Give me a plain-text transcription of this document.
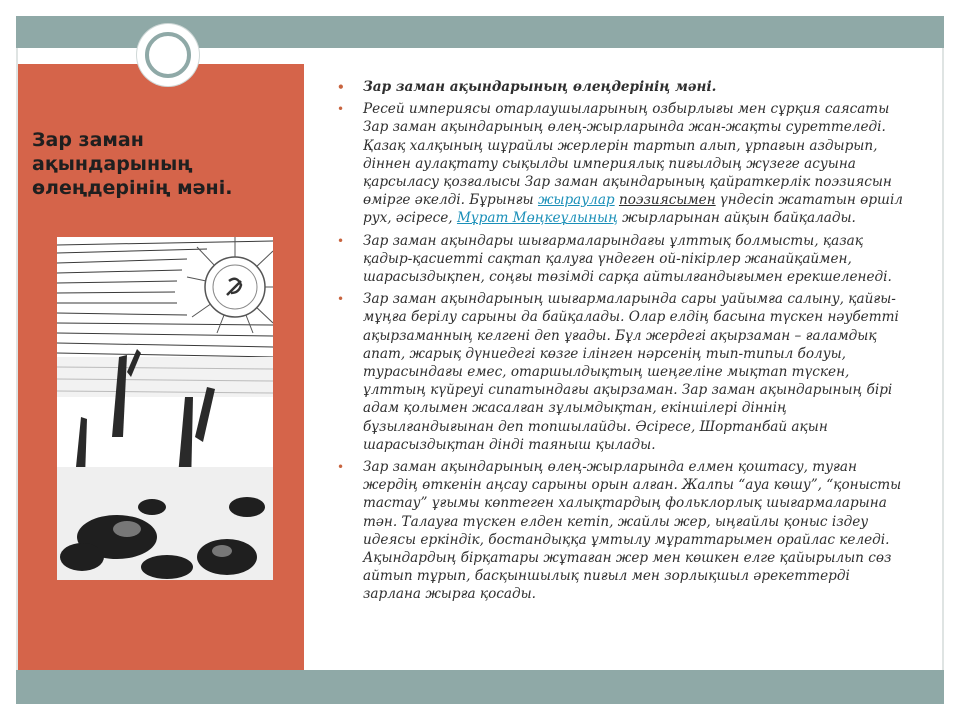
Зар заман ақындарының өлеңдерінің мәні.
• Зар заман ақындарының өлеңдерінің мәні.
• Ресей империясы отарлаушыларының озбырлығы мен сұрқия саясаты Зар заман ақындарының өлең-жырларында жан-жақты суреттеледі. Қазақ халқының шұрайлы жерлерін тартып алып, ұрпағын аздырып, діннен аулақтату сықылды империялық пиғылдың жүзеге асуына қарсыласу қозғалысы Зар заман ақындарының қайраткерлік поэзиясын өмірге әкелді. Бұрынғы жыраулар поэзиясымен үндесіп жататын өршіл рух, әсіресе, Мұрат Мөңкеұлының жырларынан айқын байқалады.
• Зар заман ақындары шығармаларындағы ұлттық болмысты, қазақ қадыр-қасиетті сақтап қалуға үндеген ой-пікірлер жанайқаймен, шарасыздықпен, соңғы төзімді сарқа айтылғандығымен ерекшеленеді.
• Зар заман ақындарының шығармаларында сары уайымға салыну, қайғы-мұңға берілу сарыны да байқалады. Олар елдің басына түскен нәубетті ақырзаманның келгені деп ұғады. Бұл жердегі ақырзаман – ғаламдық апат, жарық дүниедегі көзге ілінген нәрсенің тып-типыл болуы, турасындағы емес, отаршылдықтың шеңгеліне мықтап түскен, ұлттың күйреуі сипатындағы ақырзаман. Зар заман ақындарының бірі адам қолымен жасалған зұлымдықтан, екіншілері діннің бұзылғандығынан деп топшылайды. Әсіресе, Шортанбай ақын шарасыздықтан дінді таяныш қылады.
• Зар заман ақындарының өлең-жырларында елмен қоштасу, туған жердің өткенін аңсау сарыны орын алған. Жалпы “ауа көшу”, “қонысты тастау” ұғымы көптеген халықтардың фольклорлық шығармаларына тән. Талауға түскен елден кетіп, жайлы жер, ыңғайлы қоныс іздеу идеясы еркіндік, бостандыққа ұмтылу мұраттарымен орайлас келеді. Ақындардың бірқатары жұтаған жер мен көшкен елге қайырылып сөз айтып тұрып, басқыншылық пиғыл мен зорлықшыл әрекеттерді зарлана жырға қосады.
